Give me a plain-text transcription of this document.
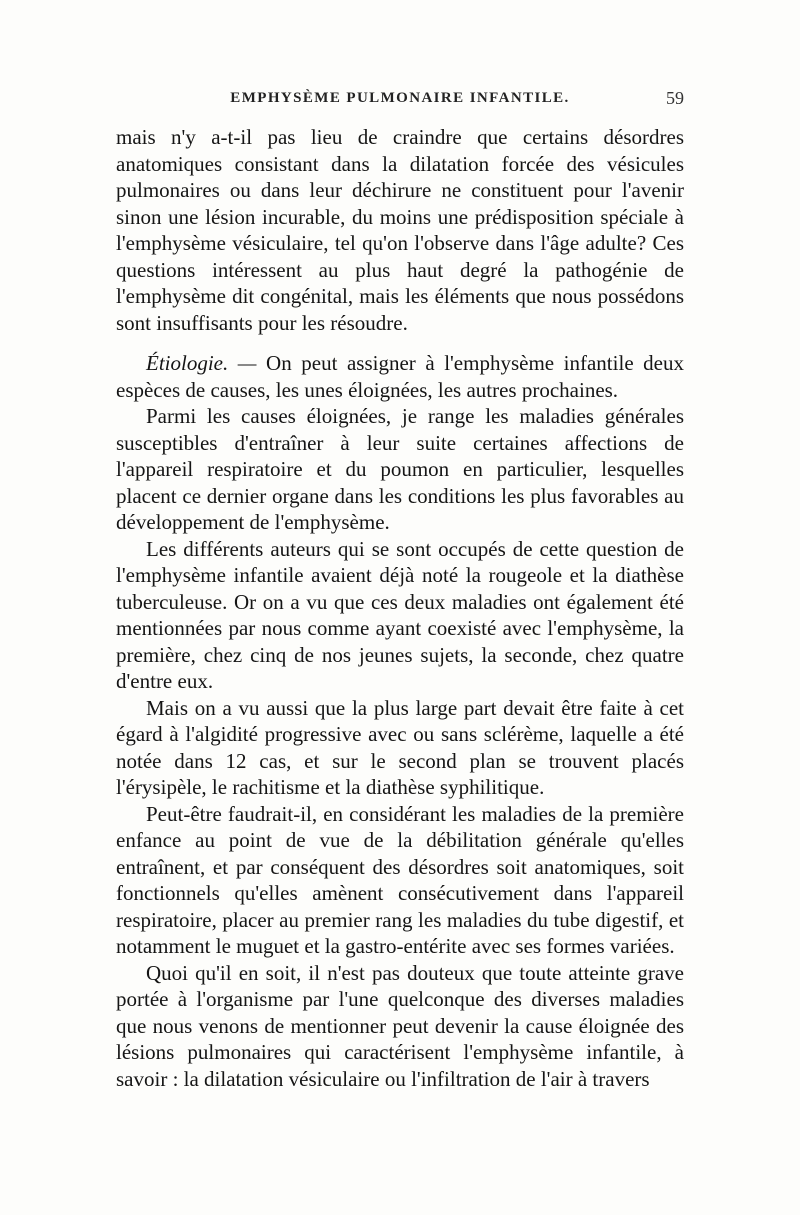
EMPHYSÈME PULMONAIRE INFANTILE.	59

mais n'y a-t-il pas lieu de craindre que certains désordres anatomiques consistant dans la dilatation forcée des vésicules pulmonaires ou dans leur déchirure ne constituent pour l'avenir sinon une lésion incurable, du moins une prédisposition spéciale à l'emphysème vésiculaire, tel qu'on l'observe dans l'âge adulte? Ces questions intéressent au plus haut degré la pathogénie de l'emphysème dit congénital, mais les éléments que nous possédons sont insuffisants pour les résoudre.

Étiologie. — On peut assigner à l'emphysème infantile deux espèces de causes, les unes éloignées, les autres prochaines.

Parmi les causes éloignées, je range les maladies générales susceptibles d'entraîner à leur suite certaines affections de l'appareil respiratoire et du poumon en particulier, lesquelles placent ce dernier organe dans les conditions les plus favorables au développement de l'emphysème.

Les différents auteurs qui se sont occupés de cette question de l'emphysème infantile avaient déjà noté la rougeole et la diathèse tuberculeuse. Or on a vu que ces deux maladies ont également été mentionnées par nous comme ayant coexisté avec l'emphysème, la première, chez cinq de nos jeunes sujets, la seconde, chez quatre d'entre eux.

Mais on a vu aussi que la plus large part devait être faite à cet égard à l'algidité progressive avec ou sans sclérème, laquelle a été notée dans 12 cas, et sur le second plan se trouvent placés l'érysipèle, le rachitisme et la diathèse syphilitique.

Peut-être faudrait-il, en considérant les maladies de la première enfance au point de vue de la débilitation générale qu'elles entraînent, et par conséquent des désordres soit anatomiques, soit fonctionnels qu'elles amènent consécutivement dans l'appareil respiratoire, placer au premier rang les maladies du tube digestif, et notamment le muguet et la gastro-entérite avec ses formes variées.

Quoi qu'il en soit, il n'est pas douteux que toute atteinte grave portée à l'organisme par l'une quelconque des diverses maladies que nous venons de mentionner peut devenir la cause éloignée des lésions pulmonaires qui caractérisent l'emphysème infantile, à savoir : la dilatation vésiculaire ou l'infiltration de l'air à travers
